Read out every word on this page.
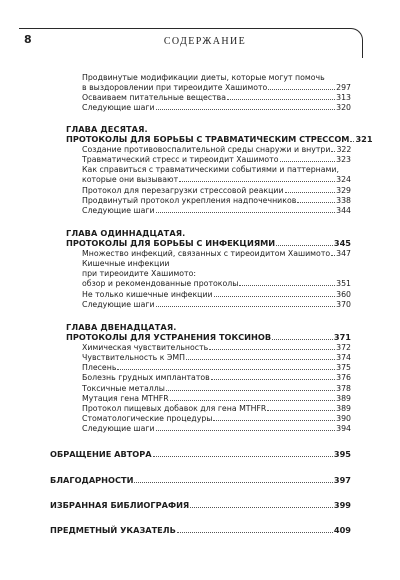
8	СОДЕРЖАНИЕ
Продвинутые модификации диеты, которые могут помочь
в выздоровлении при тиреоидите Хашимото	297
Осваиваем питательные вещества	313
Следующие шаги	320
ГЛАВА ДЕСЯТАЯ.
ПРОТОКОЛЫ ДЛЯ БОРЬБЫ С ТРАВМАТИЧЕСКИМ СТРЕССОМ 321
Создание противовоспалительной среды снаружи и внутри 322
Травматический стресс и тиреоидит Хашимото	323
Как справиться с травматическими событиями и паттернами,
которые они вызывают	324
Протокол для перезагрузки стрессовой реакции	329
Продвинутый протокол укрепления надпочечников	338
Следующие шаги	344
ГЛАВА ОДИННАДЦАТАЯ.
ПРОТОКОЛЫ ДЛЯ БОРЬБЫ С ИНФЕКЦИЯМИ	345
Множество инфекций, связанных с тиреоидитом Хашимото 347
Кишечные инфекции
при тиреоидите Хашимото:
обзор и рекомендованные протоколы	351
Не только кишечные инфекции	360
Следующие шаги	370
ГЛАВА ДВЕНАДЦАТАЯ.
ПРОТОКОЛЫ ДЛЯ УСТРАНЕНИЯ ТОКСИНОВ	371
Химическая чувствительность	372
Чувствительность к ЭМП	374
Плесень	375
Болезнь грудных имплантатов	376
Токсичные металлы	378
Мутация гена MTHFR	389
Протокол пищевых добавок для гена MTHFR	389
Стоматологические процедуры	390
Следующие шаги	394
ОБРАЩЕНИЕ АВТОРА	395
БЛАГОДАРНОСТИ	397
ИЗБРАННАЯ БИБЛИОГРАФИЯ	399
ПРЕДМЕТНЫЙ УКАЗАТЕЛЬ	409
